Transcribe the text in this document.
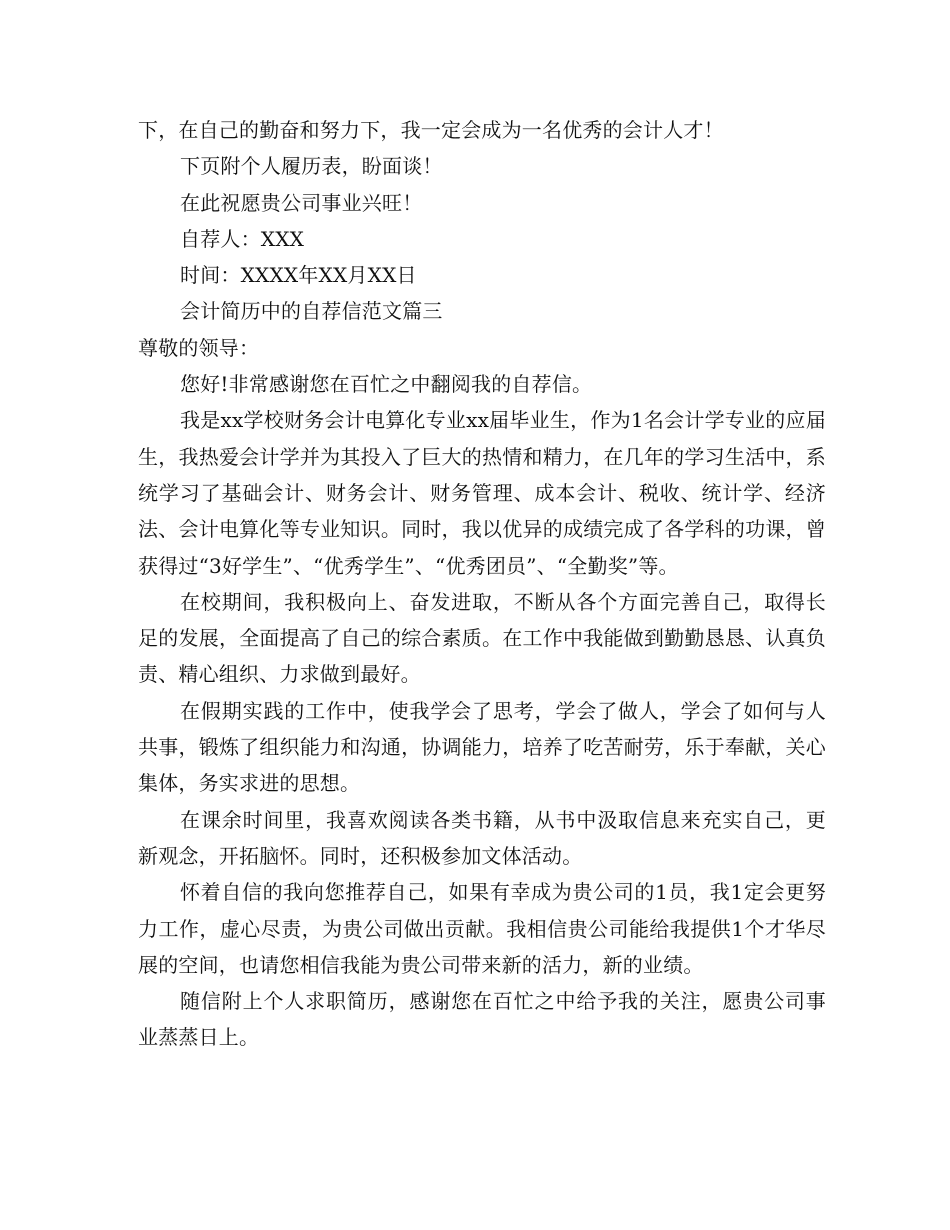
下，在自己的勤奋和努力下，我一定会成为一名优秀的会计人才！

下页附个人履历表，盼面谈！

在此祝愿贵公司事业兴旺！

自荐人：XXX

时间：XXXX年XX月XX日

会计简历中的自荐信范文篇三

尊敬的领导：

您好!非常感谢您在百忙之中翻阅我的自荐信。

我是xx学校财务会计电算化专业xx届毕业生，作为1名会计学专业的应届生，我热爱会计学并为其投入了巨大的热情和精力，在几年的学习生活中，系统学习了基础会计、财务会计、财务管理、成本会计、税收、统计学、经济法、会计电算化等专业知识。同时，我以优异的成绩完成了各学科的功课，曾获得过“3好学生”、“优秀学生”、“优秀团员”、“全勤奖”等。

在校期间，我积极向上、奋发进取，不断从各个方面完善自己，取得长足的发展，全面提高了自己的综合素质。在工作中我能做到勤勤恳恳、认真负责、精心组织、力求做到最好。

在假期实践的工作中，使我学会了思考，学会了做人，学会了如何与人共事，锻炼了组织能力和沟通，协调能力，培养了吃苦耐劳，乐于奉献，关心集体，务实求进的思想。

在课余时间里，我喜欢阅读各类书籍，从书中汲取信息来充实自己，更新观念，开拓脑怀。同时，还积极参加文体活动。

怀着自信的我向您推荐自己，如果有幸成为贵公司的1员，我1定会更努力工作，虚心尽责，为贵公司做出贡献。我相信贵公司能给我提供1个才华尽展的空间，也请您相信我能为贵公司带来新的活力，新的业绩。

随信附上个人求职简历，感谢您在百忙之中给予我的关注，愿贵公司事业蒸蒸日上。
